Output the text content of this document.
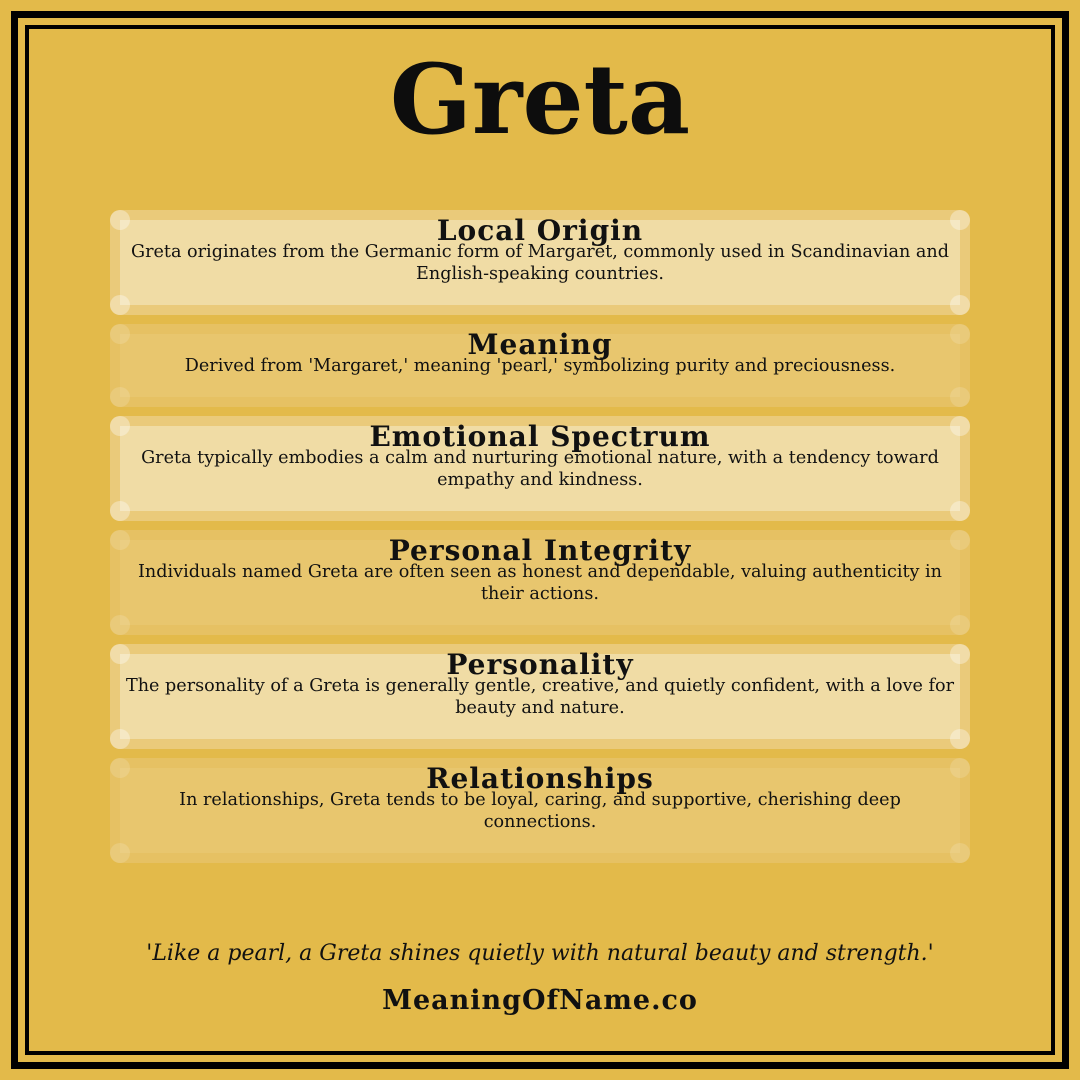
Greta
Local Origin

Greta originates from the Germanic form of Margaret, commonly used in Scandinavian and English-speaking countries.

Meaning

Derived from 'Margaret,' meaning 'pearl,' symbolizing purity and preciousness.

Emotional Spectrum

Greta typically embodies a calm and nurturing emotional nature, with a tendency toward empathy and kindness.

Personal Integrity

Individuals named Greta are often seen as honest and dependable, valuing authenticity in their actions.

Personality

The personality of a Greta is generally gentle, creative, and quietly confident, with a love for beauty and nature.

Relationships

In relationships, Greta tends to be loyal, caring, and supportive, cherishing deep connections.

'Like a pearl, a Greta shines quietly with natural beauty and strength.'
MeaningOfName.co
